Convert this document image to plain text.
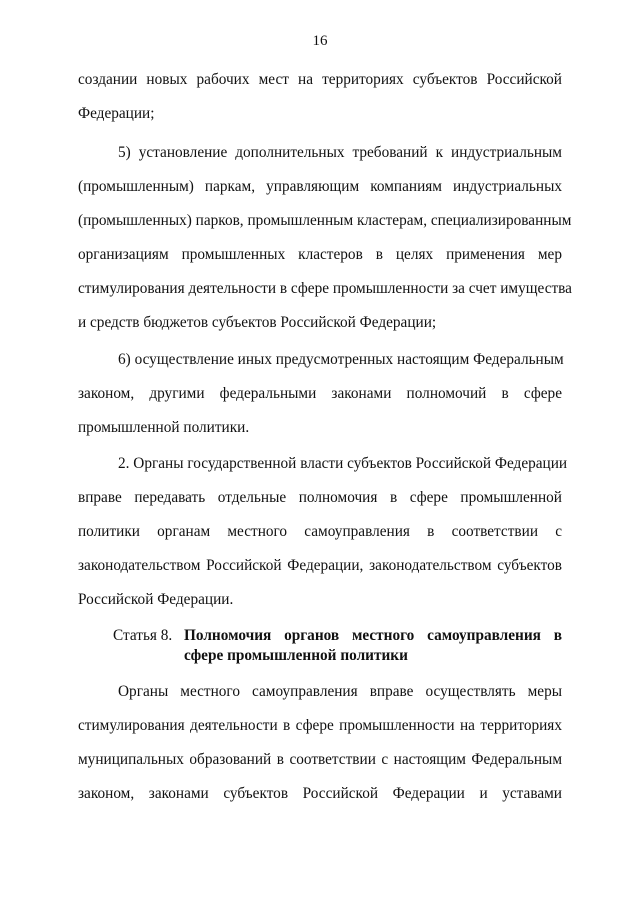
16
создании новых рабочих мест на территориях субъектов Российской
Федерации;
5) установление дополнительных требований к индустриальным
(промышленным) паркам, управляющим компаниям индустриальных
(промышленных) парков, промышленным кластерам, специализированным
организациям промышленных кластеров в целях применения мер
стимулирования деятельности в сфере промышленности за счет имущества
и средств бюджетов субъектов Российской Федерации;
6) осуществление иных предусмотренных настоящим Федеральным
законом, другими федеральными законами полномочий в сфере
промышленной политики.
2. Органы государственной власти субъектов Российской Федерации
вправе передавать отдельные полномочия в сфере промышленной
политики органам местного самоуправления в соответствии с
законодательством Российской Федерации, законодательством субъектов
Российской Федерации.
Статья 8. Полномочия органов местного самоуправления в
сфере промышленной политики
Органы местного самоуправления вправе осуществлять меры
стимулирования деятельности в сфере промышленности на территориях
муниципальных образований в соответствии с настоящим Федеральным
законом, законами субъектов Российской Федерации и уставами
